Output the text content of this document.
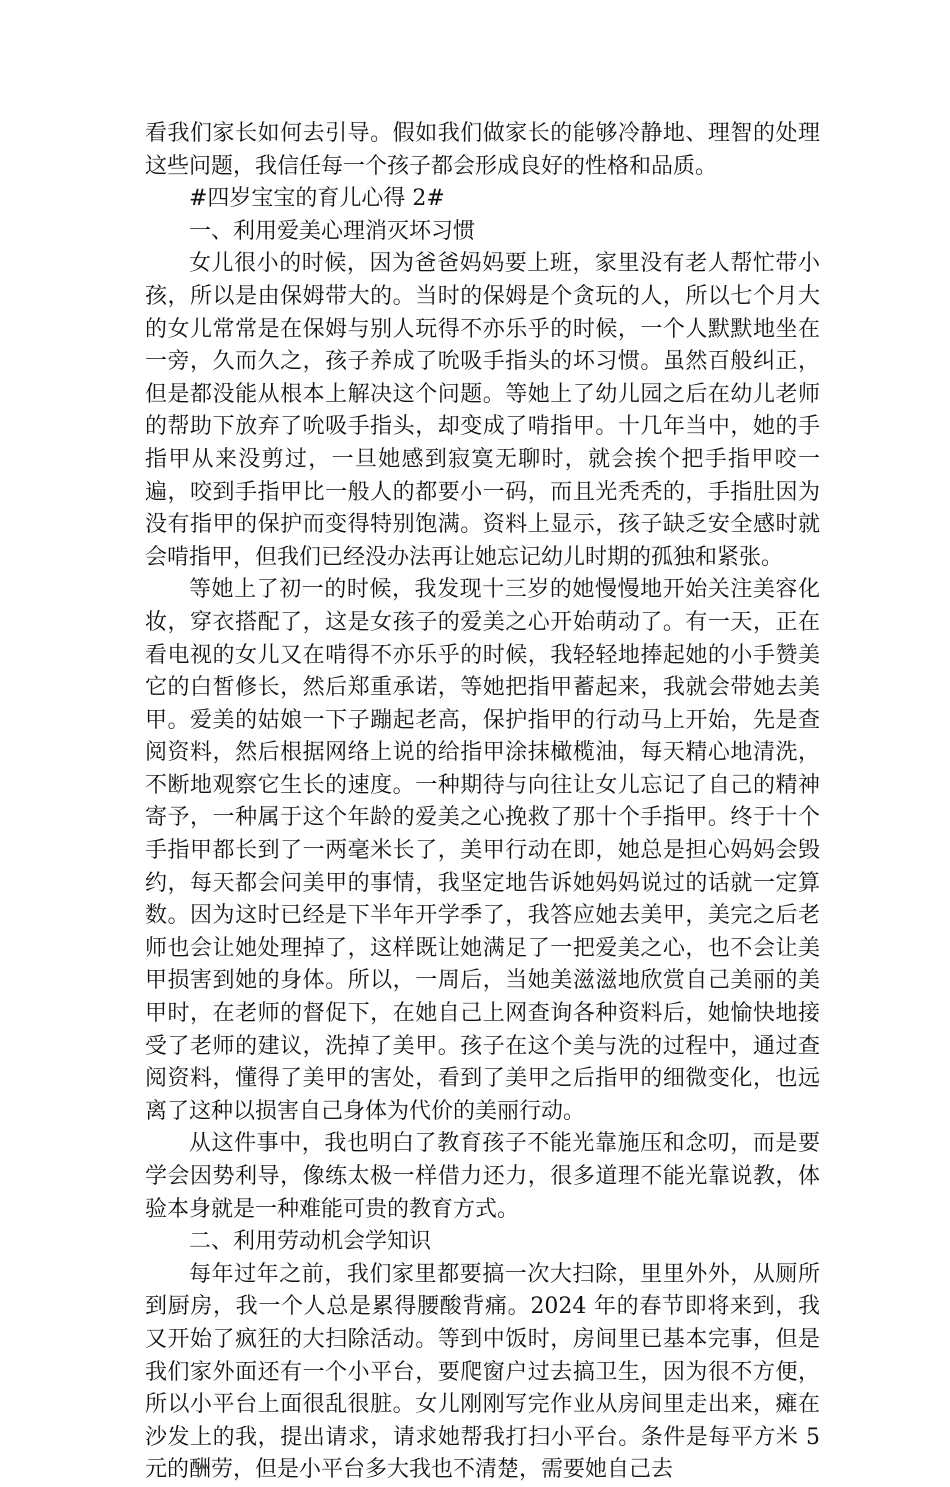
看我们家长如何去引导。假如我们做家长的能够冷静地、理智的处理这些问题，我信任每一个孩子都会形成良好的性格和品质。

#四岁宝宝的育儿心得 2#

一、利用爱美心理消灭坏习惯

女儿很小的时候，因为爸爸妈妈要上班，家里没有老人帮忙带小孩，所以是由保姆带大的。当时的保姆是个贪玩的人，所以七个月大的女儿常常是在保姆与别人玩得不亦乐乎的时候，一个人默默地坐在一旁，久而久之，孩子养成了吮吸手指头的坏习惯。虽然百般纠正，但是都没能从根本上解决这个问题。等她上了幼儿园之后在幼儿老师的帮助下放弃了吮吸手指头，却变成了啃指甲。十几年当中，她的手指甲从来没剪过，一旦她感到寂寞无聊时，就会挨个把手指甲咬一遍，咬到手指甲比一般人的都要小一码，而且光秃秃的，手指肚因为没有指甲的保护而变得特别饱满。资料上显示，孩子缺乏安全感时就会啃指甲，但我们已经没办法再让她忘记幼儿时期的孤独和紧张。

等她上了初一的时候，我发现十三岁的她慢慢地开始关注美容化妆，穿衣搭配了，这是女孩子的爱美之心开始萌动了。有一天，正在看电视的女儿又在啃得不亦乐乎的时候，我轻轻地捧起她的小手赞美它的白皙修长，然后郑重承诺，等她把指甲蓄起来，我就会带她去美甲。爱美的姑娘一下子蹦起老高，保护指甲的行动马上开始，先是查阅资料，然后根据网络上说的给指甲涂抹橄榄油，每天精心地清洗，不断地观察它生长的速度。一种期待与向往让女儿忘记了自己的精神寄予，一种属于这个年龄的爱美之心挽救了那十个手指甲。终于十个手指甲都长到了一两毫米长了，美甲行动在即，她总是担心妈妈会毁约，每天都会问美甲的事情，我坚定地告诉她妈妈说过的话就一定算数。因为这时已经是下半年开学季了，我答应她去美甲，美完之后老师也会让她处理掉了，这样既让她满足了一把爱美之心，也不会让美甲损害到她的身体。所以，一周后，当她美滋滋地欣赏自己美丽的美甲时，在老师的督促下，在她自己上网查询各种资料后，她愉快地接受了老师的建议，洗掉了美甲。孩子在这个美与洗的过程中，通过查阅资料，懂得了美甲的害处，看到了美甲之后指甲的细微变化，也远离了这种以损害自己身体为代价的美丽行动。

从这件事中，我也明白了教育孩子不能光靠施压和念叨，而是要学会因势利导，像练太极一样借力还力，很多道理不能光靠说教，体验本身就是一种难能可贵的教育方式。

二、利用劳动机会学知识

每年过年之前，我们家里都要搞一次大扫除，里里外外，从厕所到厨房，我一个人总是累得腰酸背痛。2024 年的春节即将来到，我又开始了疯狂的大扫除活动。等到中饭时，房间里已基本完事，但是我们家外面还有一个小平台，要爬窗户过去搞卫生，因为很不方便，所以小平台上面很乱很脏。女儿刚刚写完作业从房间里走出来，瘫在沙发上的我，提出请求，请求她帮我打扫小平台。条件是每平方米 5 元的酬劳，但是小平台多大我也不清楚，需要她自己去
